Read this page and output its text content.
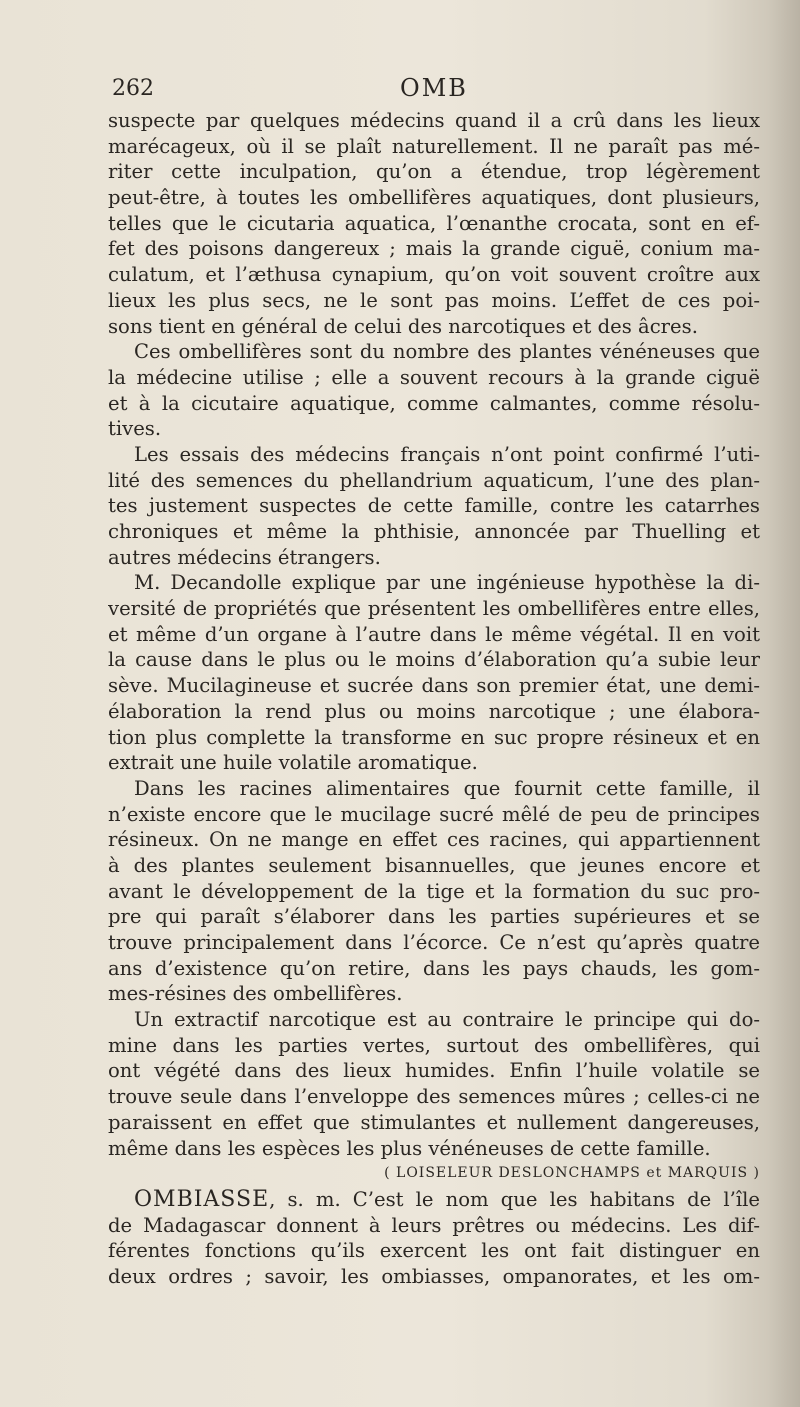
262	OMB
suspecte par quelques médecins quand il a crû dans les lieux
marécageux, où il se plaît naturellement. Il ne paraît pas mé-
riter cette inculpation, qu’on a étendue, trop légèrement
peut-être, à toutes les ombellifères aquatiques, dont plusieurs,
telles que le cicutaria aquatica, l’œnanthe crocata, sont en ef-
fet des poisons dangereux ; mais la grande ciguë, conium ma-
culatum, et l’æthusa cynapium, qu’on voit souvent croître aux
lieux les plus secs, ne le sont pas moins. L’effet de ces poi-
sons tient en général de celui des narcotiques et des âcres.
Ces ombellifères sont du nombre des plantes vénéneuses que
la médecine utilise ; elle a souvent recours à la grande ciguë
et à la cicutaire aquatique, comme calmantes, comme résolu-
tives.
Les essais des médecins français n’ont point confirmé l’uti-
lité des semences du phellandrium aquaticum, l’une des plan-
tes justement suspectes de cette famille, contre les catarrhes
chroniques et même la phthisie, annoncée par Thuelling et
autres médecins étrangers.
M. Decandolle explique par une ingénieuse hypothèse la di-
versité de propriétés que présentent les ombellifères entre elles,
et même d’un organe à l’autre dans le même végétal. Il en voit
la cause dans le plus ou le moins d’élaboration qu’a subie leur
sève. Mucilagineuse et sucrée dans son premier état, une demi-
élaboration la rend plus ou moins narcotique ; une élabora-
tion plus complette la transforme en suc propre résineux et en
extrait une huile volatile aromatique.
Dans les racines alimentaires que fournit cette famille, il
n’existe encore que le mucilage sucré mêlé de peu de principes
résineux. On ne mange en effet ces racines, qui appartiennent
à des plantes seulement bisannuelles, que jeunes encore et
avant le développement de la tige et la formation du suc pro-
pre qui paraît s’élaborer dans les parties supérieures et se
trouve principalement dans l’écorce. Ce n’est qu’après quatre
ans d’existence qu’on retire, dans les pays chauds, les gom-
mes-résines des ombellifères.
Un extractif narcotique est au contraire le principe qui do-
mine dans les parties vertes, surtout des ombellifères, qui
ont végété dans des lieux humides. Enfin l’huile volatile se
trouve seule dans l’enveloppe des semences mûres ; celles-ci ne
paraissent en effet que stimulantes et nullement dangereuses,
même dans les espèces les plus vénéneuses de cette famille.
( LOISELEUR DESLONCHAMPS et MARQUIS )
OMBIASSE, s. m. C’est le nom que les habitans de l’île
de Madagascar donnent à leurs prêtres ou médecins. Les dif-
férentes fonctions qu’ils exercent les ont fait distinguer en
deux ordres ; savoir, les ombiasses, ompanorates, et les om-
